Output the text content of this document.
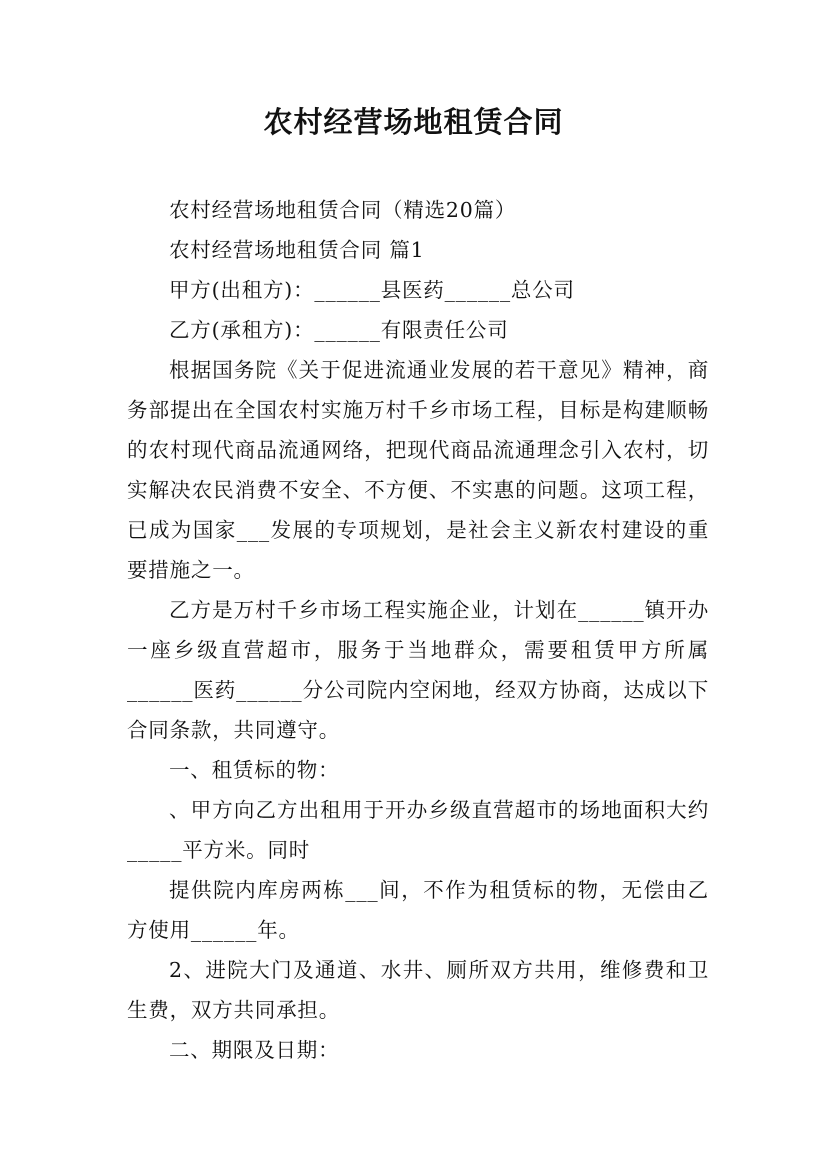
农村经营场地租赁合同

农村经营场地租赁合同（精选20篇）

农村经营场地租赁合同 篇1

甲方(出租方)：______县医药______总公司

乙方(承租方)：______有限责任公司

根据国务院《关于促进流通业发展的若干意见》精神，商务部提出在全国农村实施万村千乡市场工程，目标是构建顺畅的农村现代商品流通网络，把现代商品流通理念引入农村，切实解决农民消费不安全、不方便、不实惠的问题。这项工程，已成为国家___发展的专项规划，是社会主义新农村建设的重要措施之一。

乙方是万村千乡市场工程实施企业，计划在______镇开办一座乡级直营超市，服务于当地群众，需要租赁甲方所属______医药______分公司院内空闲地，经双方协商，达成以下合同条款，共同遵守。

一、租赁标的物：

、甲方向乙方出租用于开办乡级直营超市的场地面积大约_____平方米。同时

提供院内库房两栋___间，不作为租赁标的物，无偿由乙方使用______年。

2、进院大门及通道、水井、厕所双方共用，维修费和卫生费，双方共同承担。

二、期限及日期：
